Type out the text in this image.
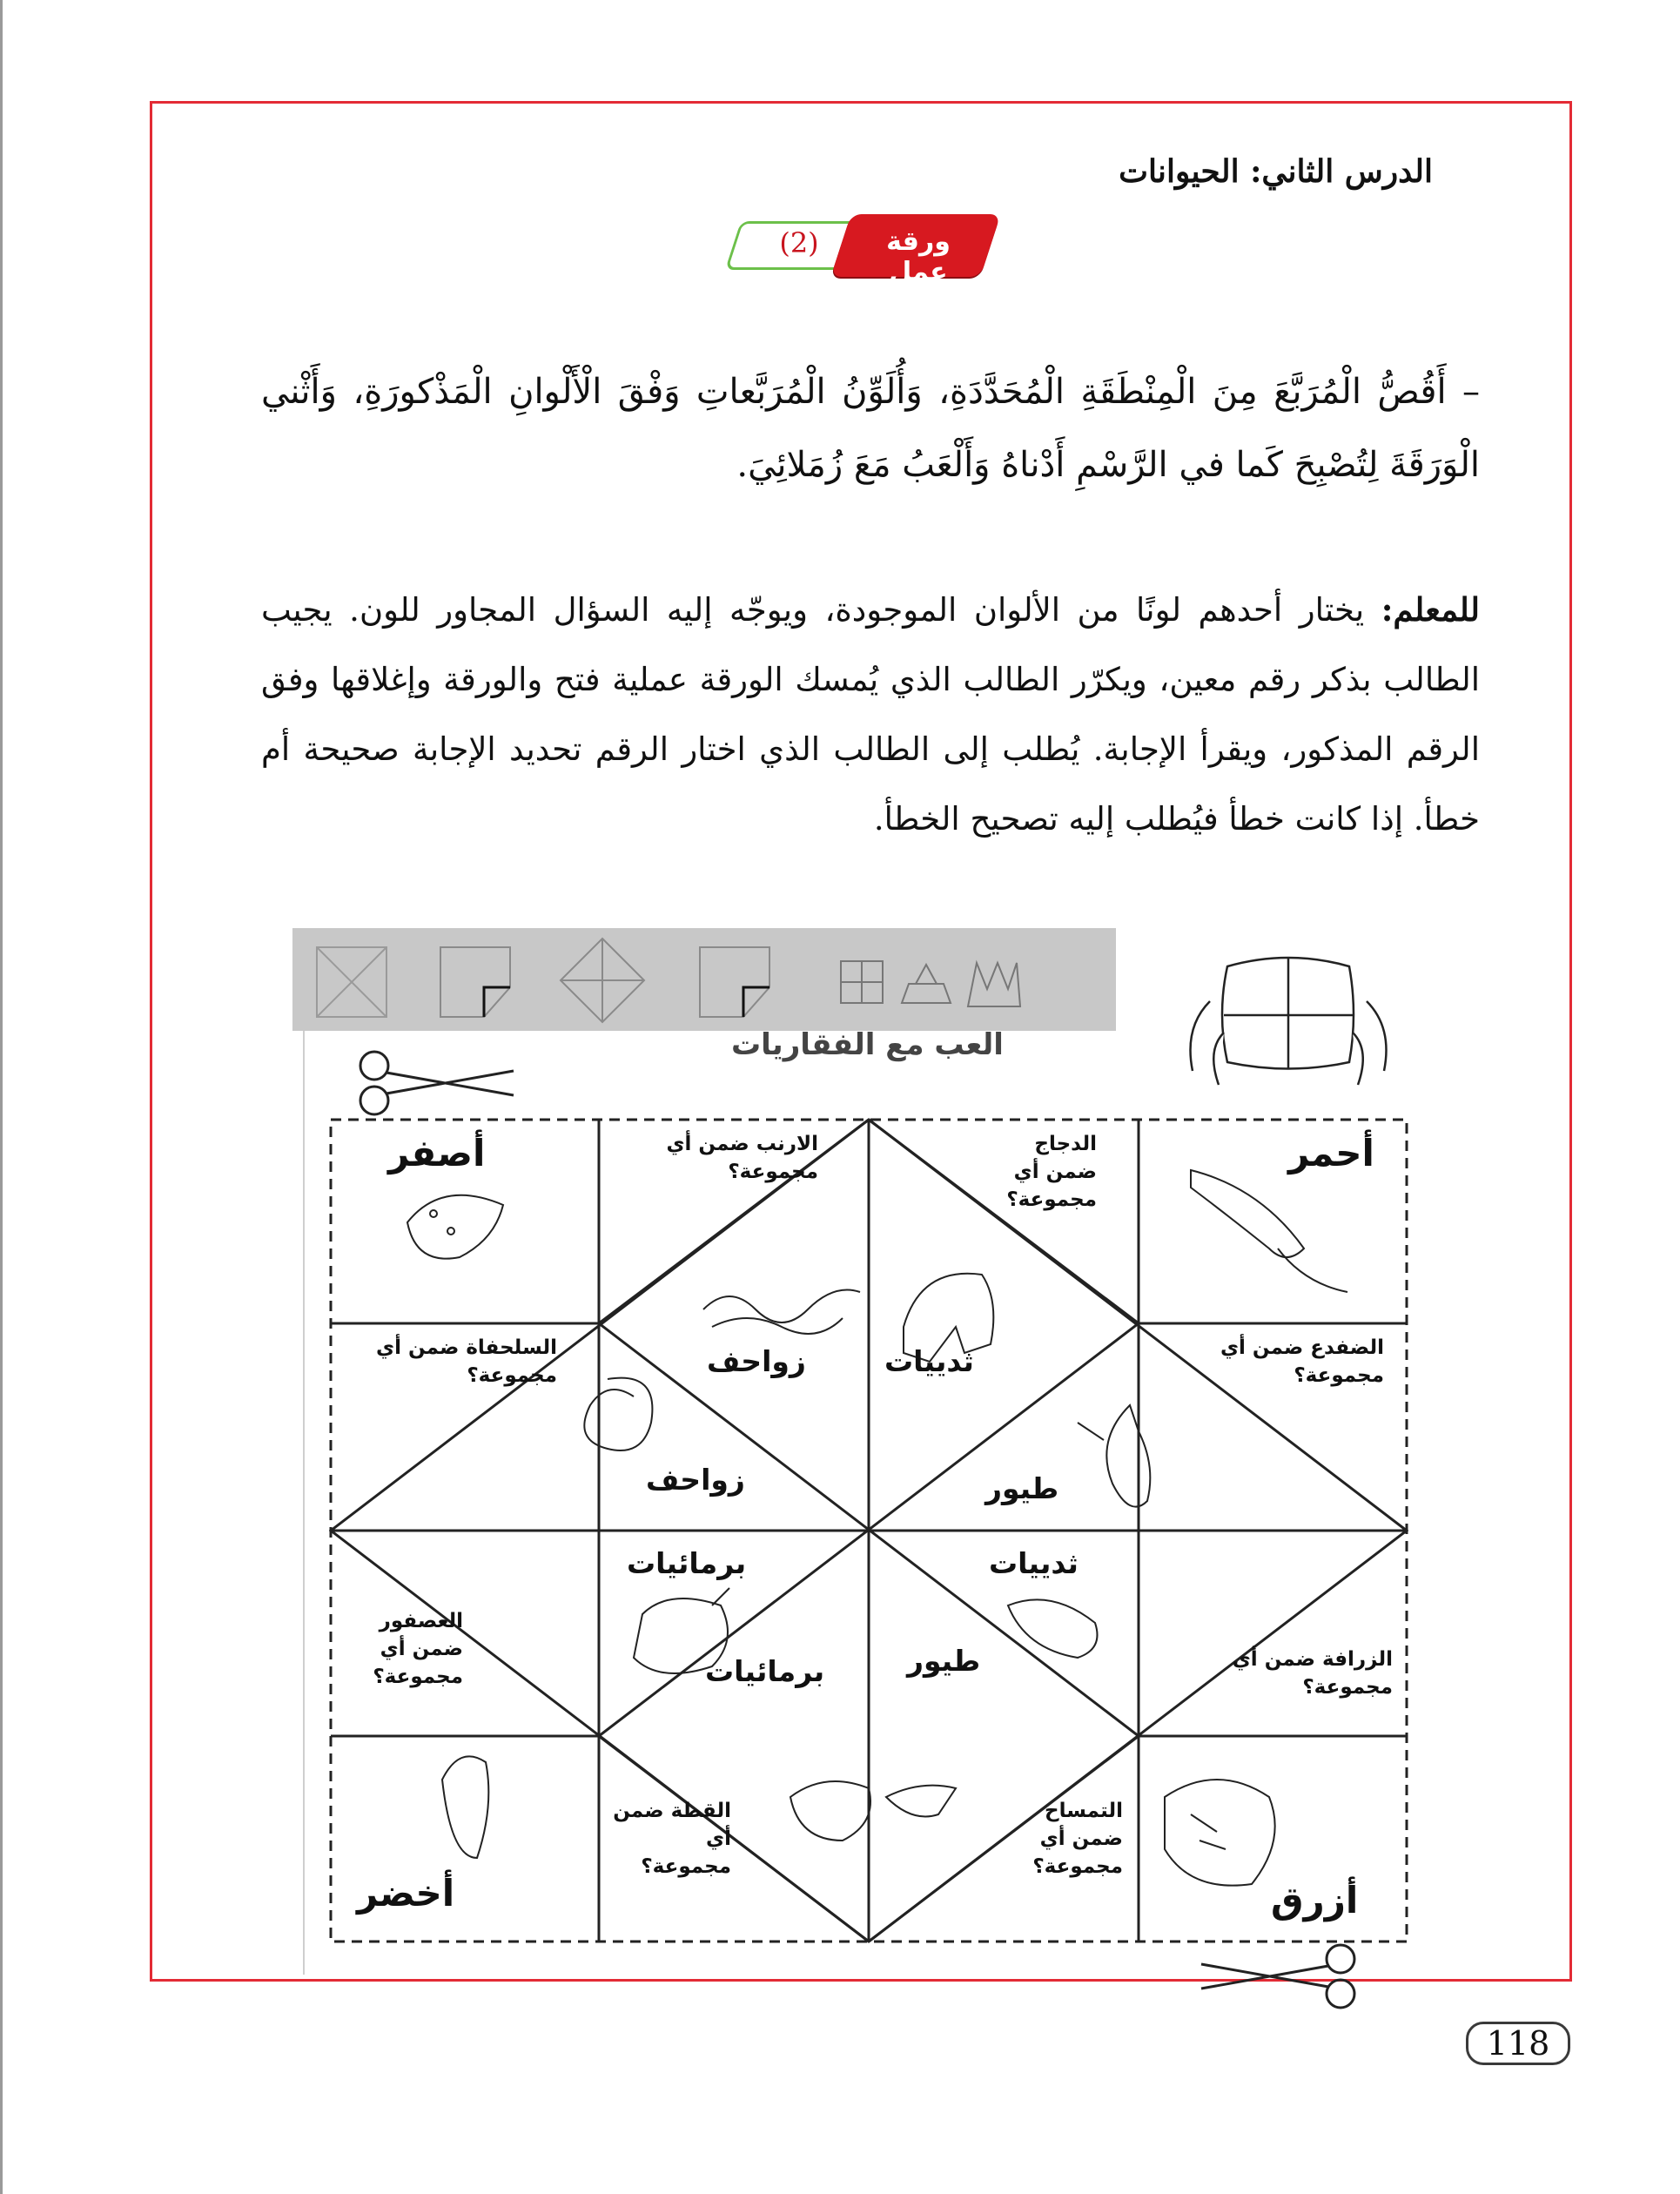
الدرس الثاني: الحيوانات
(2)	ورقة عمل
– أَقُصُّ الْمُرَبَّعَ مِنَ الْمِنْطَقَةِ الْمُحَدَّدَةِ، وَأُلَوِّنُ الْمُرَبَّعاتِ وَفْقَ الْأَلْوانِ الْمَذْكورَةِ، وَأَثْني الْوَرَقَةَ لِتُصْبِحَ كَما في الرَّسْمِ أَدْناهُ وَأَلْعَبُ مَعَ زُمَلائِيَ.
للمعلم: يختار أحدهم لونًا من الألوان الموجودة، ويوجّه إليه السؤال المجاور للون. يجيب الطالب بذكر رقم معين، ويكرّر الطالب الذي يُمسك الورقة عملية فتح والورقة وإغلاقها وفق الرقم المذكور، ويقرأ الإجابة. يُطلب إلى الطالب الذي اختار الرقم تحديد الإجابة صحيحة أم خطأ. إذا كانت خطأ فيُطلب إليه تصحيح الخطأ.
العب مع الفقاريات
أصفر	أحمر
أخضر	أزرق
الارنب ضمن أي مجموعة؟
الدجاج ضمن أي مجموعة؟
السلحفاة ضمن أي مجموعة؟
الضفدع ضمن أي مجموعة؟
العصفور ضمن أي مجموعة؟
الزرافة ضمن أي مجموعة؟
القطة ضمن أي مجموعة؟
التمساح ضمن أي مجموعة؟
زواحف	ثدييات
زواحف	طيور
برمائيات	ثدييات
برمائيات	طيور
118
